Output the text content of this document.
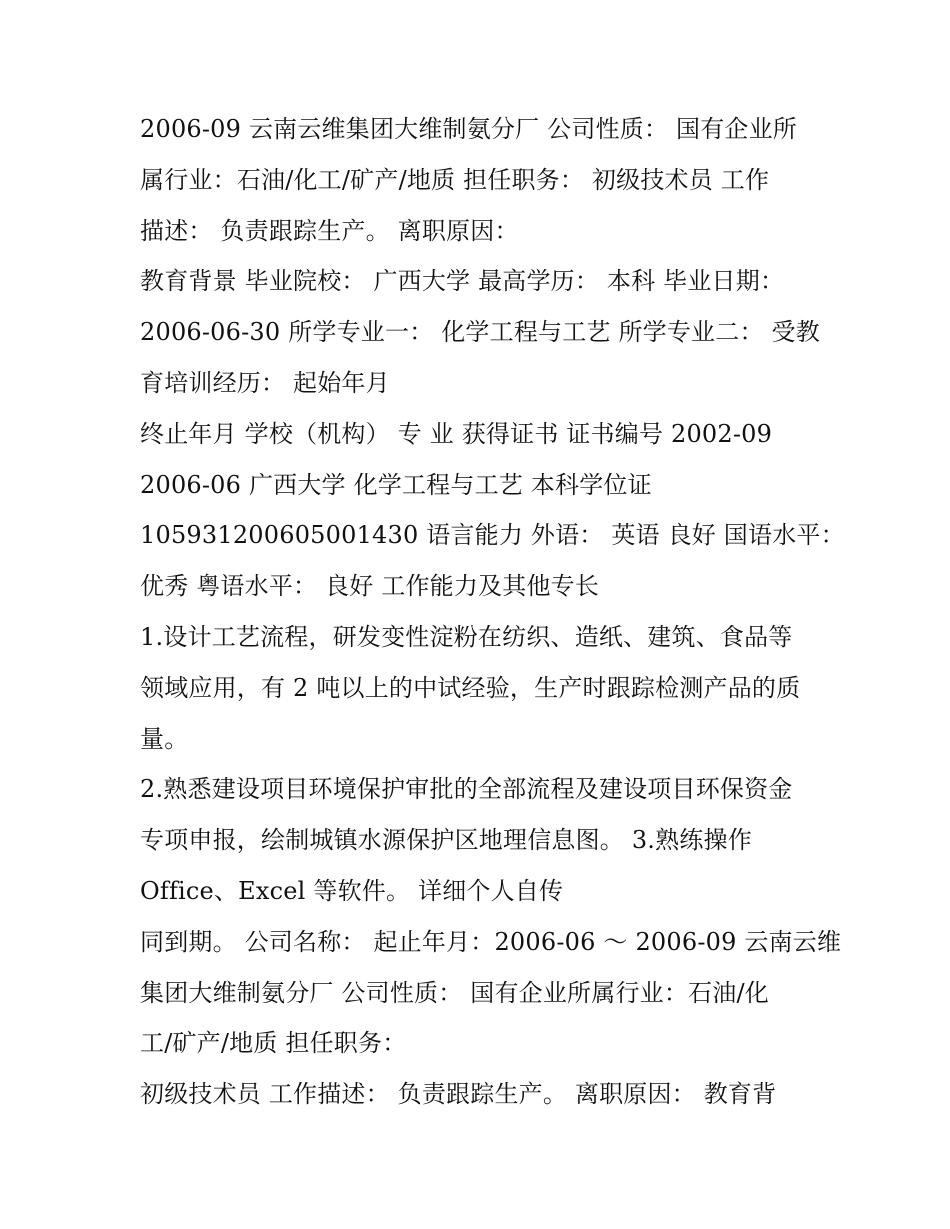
2006-09 云南云维集团大维制氨分厂 公司性质： 国有企业所
属行业：石油/化工/矿产/地质 担任职务： 初级技术员 工作
描述： 负责跟踪生产。 离职原因：
教育背景 毕业院校： 广西大学 最高学历： 本科 毕业日期：
2006-06-30 所学专业一： 化学工程与工艺 所学专业二： 受教
育培训经历： 起始年月
终止年月 学校（机构） 专 业 获得证书 证书编号 2002-09
2006-06 广西大学 化学工程与工艺 本科学位证
10593120060500143​0 语言能力 外语： 英语 良好 国语水平：
优秀 粤语水平： 良好 工作能力及其他专长
1.设计工艺流程，研发变性淀粉在纺织、造纸、建筑、食品等
领域应用，有 2 吨以上的中试经验，生产时跟踪检测产品的质
量。
2.熟悉建设项目环境保护审批的全部流程及建设项目环保资金
专项申报，绘制城镇水源保护区地理信息图。 3.熟练操作
Office、Excel 等软件。 详细个人自传
同到期。 公司名称： 起止年月：2006-06 ～ 2006-09 云南云维
集团大维制氨分厂 公司性质： 国有企业所属行业：石油/化
工/矿产/地质 担任职务：
初级技术员 工作描述： 负责跟踪生产。 离职原因： 教育背
